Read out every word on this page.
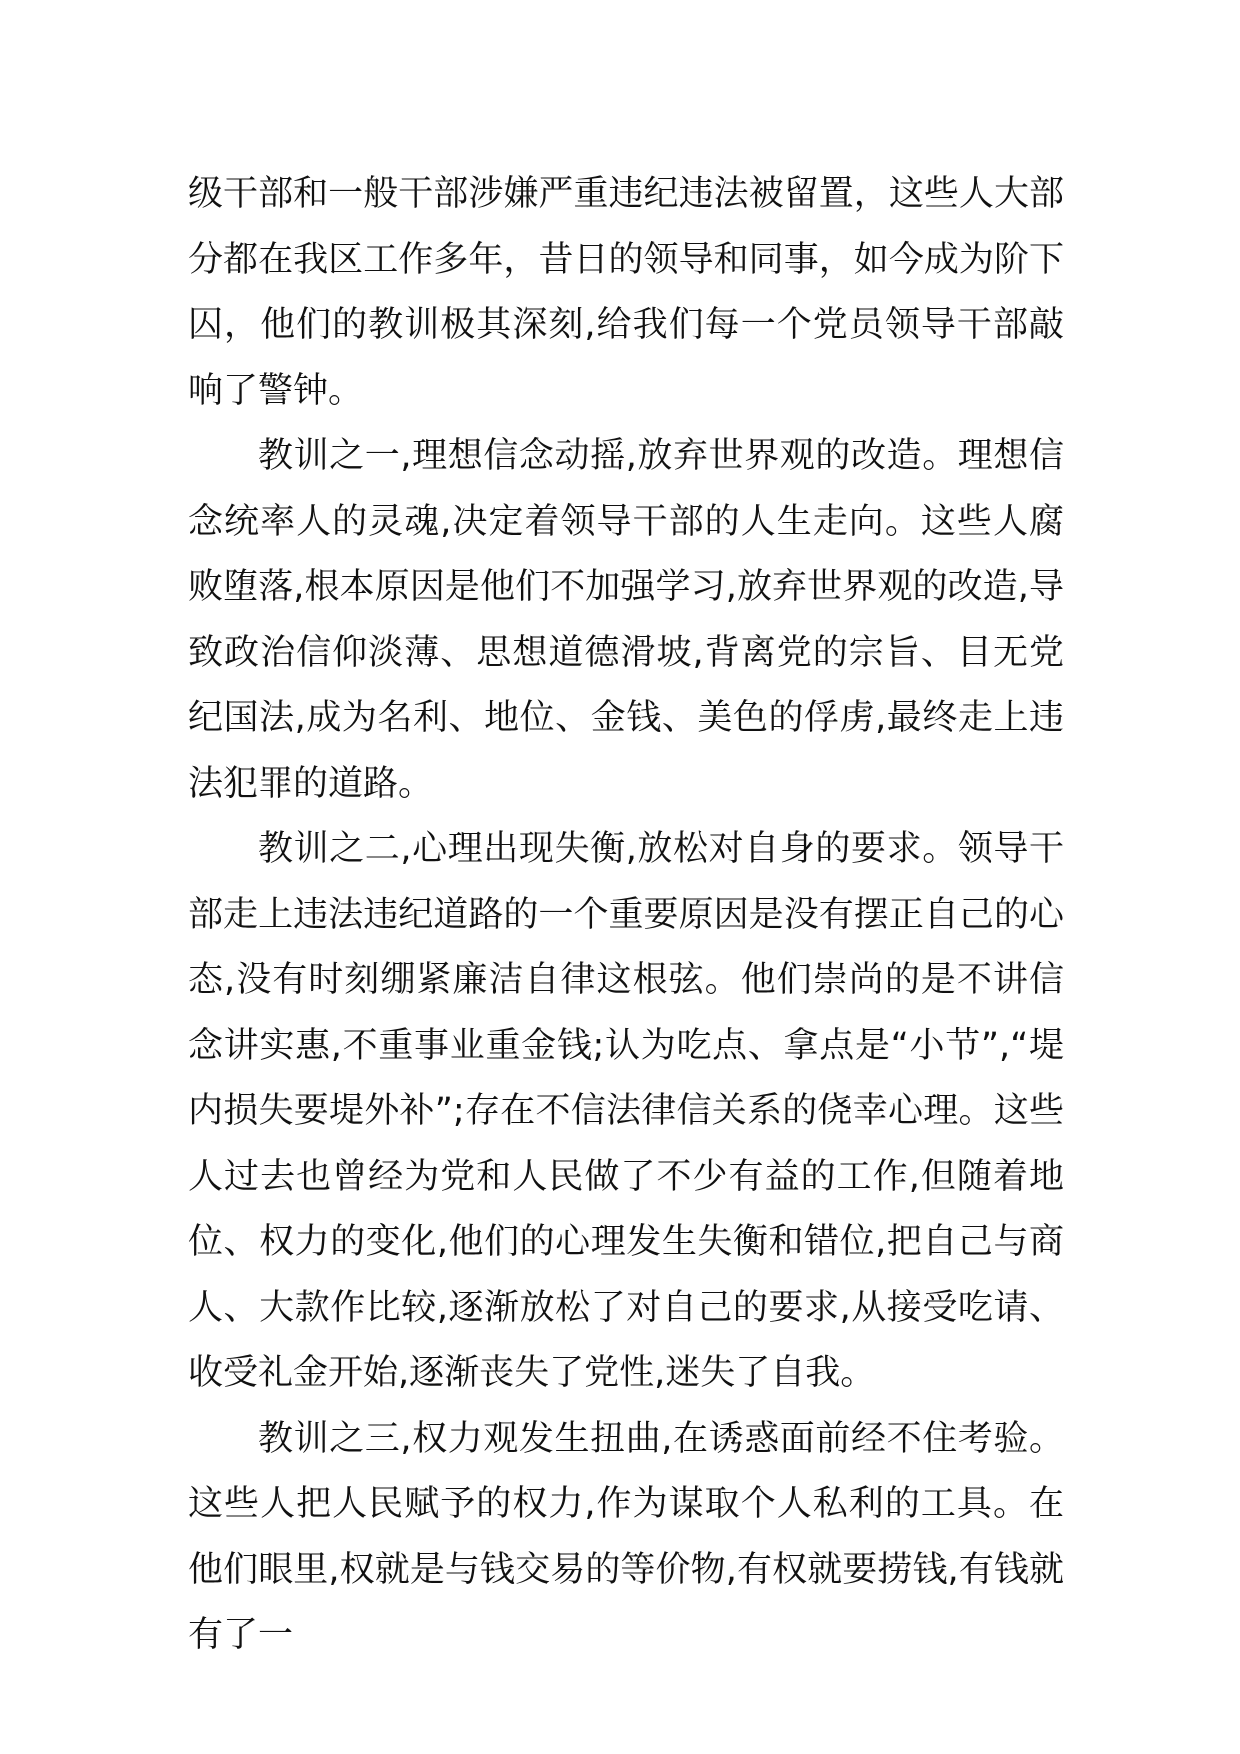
级干部和一般干部涉嫌严重违纪违法被留置，这些人大部分都在我区工作多年，昔日的领导和同事，如今成为阶下囚，他们的教训极其深刻,给我们每一个党员领导干部敲响了警钟。

教训之一,理想信念动摇,放弃世界观的改造。理想信念统率人的灵魂,决定着领导干部的人生走向。这些人腐败堕落,根本原因是他们不加强学习,放弃世界观的改造,导致政治信仰淡薄、思想道德滑坡,背离党的宗旨、目无党纪国法,成为名利、地位、金钱、美色的俘虏,最终走上违法犯罪的道路。

教训之二,心理出现失衡,放松对自身的要求。领导干部走上违法违纪道路的一个重要原因是没有摆正自己的心态,没有时刻绷紧廉洁自律这根弦。他们崇尚的是不讲信念讲实惠,不重事业重金钱;认为吃点、拿点是“小节”,“堤内损失要堤外补”;存在不信法律信关系的侥幸心理。这些人过去也曾经为党和人民做了不少有益的工作,但随着地位、权力的变化,他们的心理发生失衡和错位,把自己与商人、大款作比较,逐渐放松了对自己的要求,从接受吃请、收受礼金开始,逐渐丧失了党性,迷失了自我。

教训之三,权力观发生扭曲,在诱惑面前经不住考验。这些人把人民赋予的权力,作为谋取个人私利的工具。在他们眼里,权就是与钱交易的等价物,有权就要捞钱,有钱就有了一
